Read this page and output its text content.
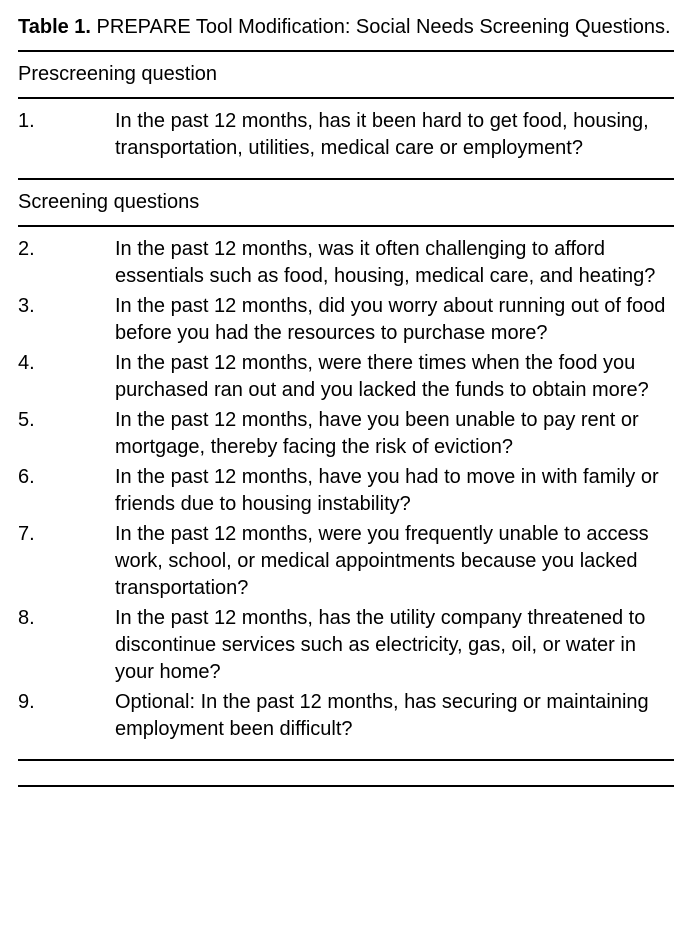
Table 1. PREPARE Tool Modification: Social Needs Screening Questions.
Prescreening question
1.	In the past 12 months, has it been hard to get food, housing, transportation, utilities, medical care or employment?
Screening questions
2.	In the past 12 months, was it often challenging to afford essentials such as food, housing, medical care, and heating?
3.	In the past 12 months, did you worry about running out of food before you had the resources to purchase more?
4.	In the past 12 months, were there times when the food you purchased ran out and you lacked the funds to obtain more?
5.	In the past 12 months, have you been unable to pay rent or mortgage, thereby facing the risk of eviction?
6.	In the past 12 months, have you had to move in with family or friends due to housing instability?
7.	In the past 12 months, were you frequently unable to access work, school, or medical appointments because you lacked transportation?
8.	In the past 12 months, has the utility company threatened to discontinue services such as electricity, gas, oil, or water in your home?
9.	Optional: In the past 12 months, has securing or maintaining employment been difficult?
